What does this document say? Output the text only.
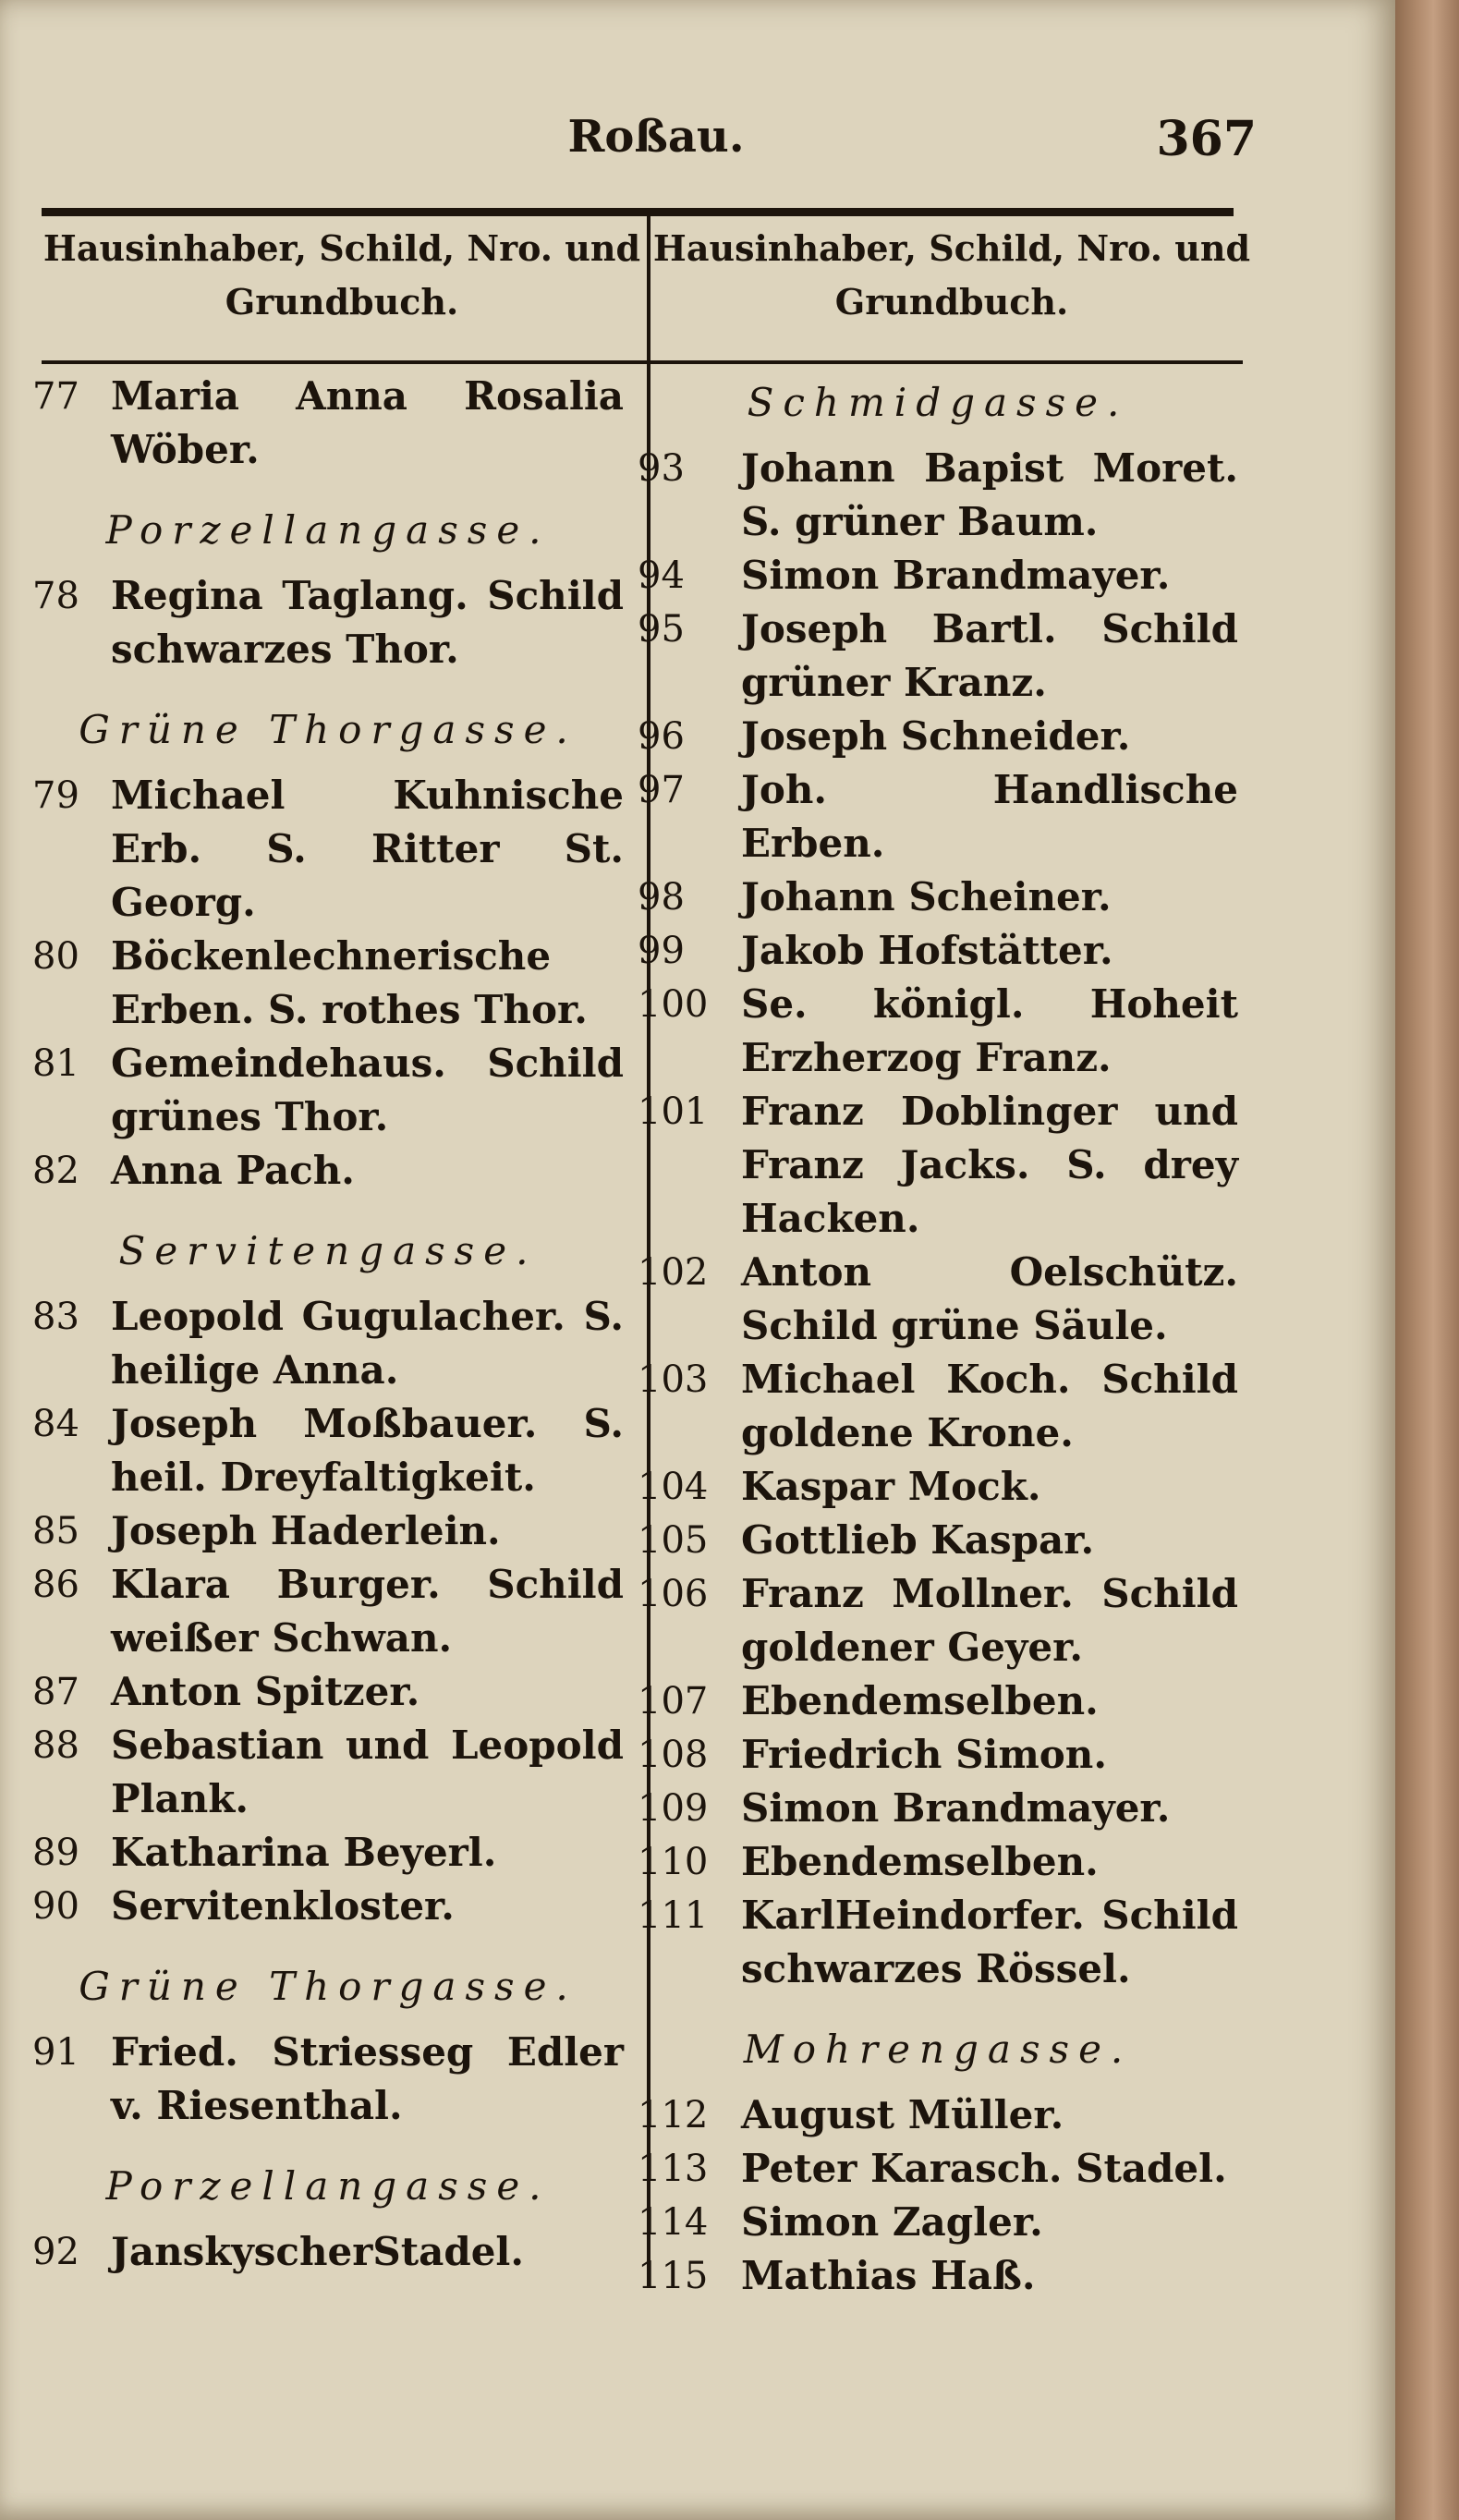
Roßau.	367
Hausinhaber, Schild, Nro. und Grundbuch.
Hausinhaber, Schild, Nro. und Grundbuch.
77 Maria Anna Rosalia Wöber.
Porzellangasse.
78 Regina Taglang. Schild schwarzes Thor.
Grüne Thorgasse.
79 Michael Kuhnische Erb. S. Ritter St. Georg.
80 Böckenlechnerische Erben. S. rothes Thor.
81 Gemeindehaus. Schild grünes Thor.
82 Anna Pach.
Servitengasse.
83 Leopold Gugulacher. S. heilige Anna.
84 Joseph Moßbauer. S. heil. Dreyfaltigkeit.
85 Joseph Haderlein.
86 Klara Burger. Schild weißer Schwan.
87 Anton Spitzer.
88 Sebastian und Leopold Plank.
89 Katharina Beyerl.
90 Servitenkloster.
Grüne Thorgasse.
91 Fried. Striesseg Edler v. Riesenthal.
Porzellangasse.
92 JanskyscherStadel.
Schmidgasse.
93	Johann Bapist Moret. S. grüner Baum.
94	Simon Brandmayer.
95	Joseph Bartl. Schild grüner Kranz.
96	Joseph Schneider.
97	Joh. Handlische Erben.
98	Johann Scheiner.
99	Jakob Hofstätter.
100 Se. königl. Hoheit Erzherzog Franz.
101 Franz Doblinger und Franz Jacks. S. drey Hacken.
102 Anton Oelschütz. Schild grüne Säule.
103 Michael Koch. Schild goldene Krone.
104 Kaspar Mock.
105 Gottlieb Kaspar.
106 Franz Mollner. Schild goldener Geyer.
107 Ebendemselben.
108 Friedrich Simon.
109 Simon Brandmayer.
110 Ebendemselben.
111 KarlHeindorfer. Schild schwarzes Rössel.
Mohrengasse.
112 August Müller.
113 Peter Karasch. Stadel.
114 Simon Zagler.
115 Mathias Haß.
